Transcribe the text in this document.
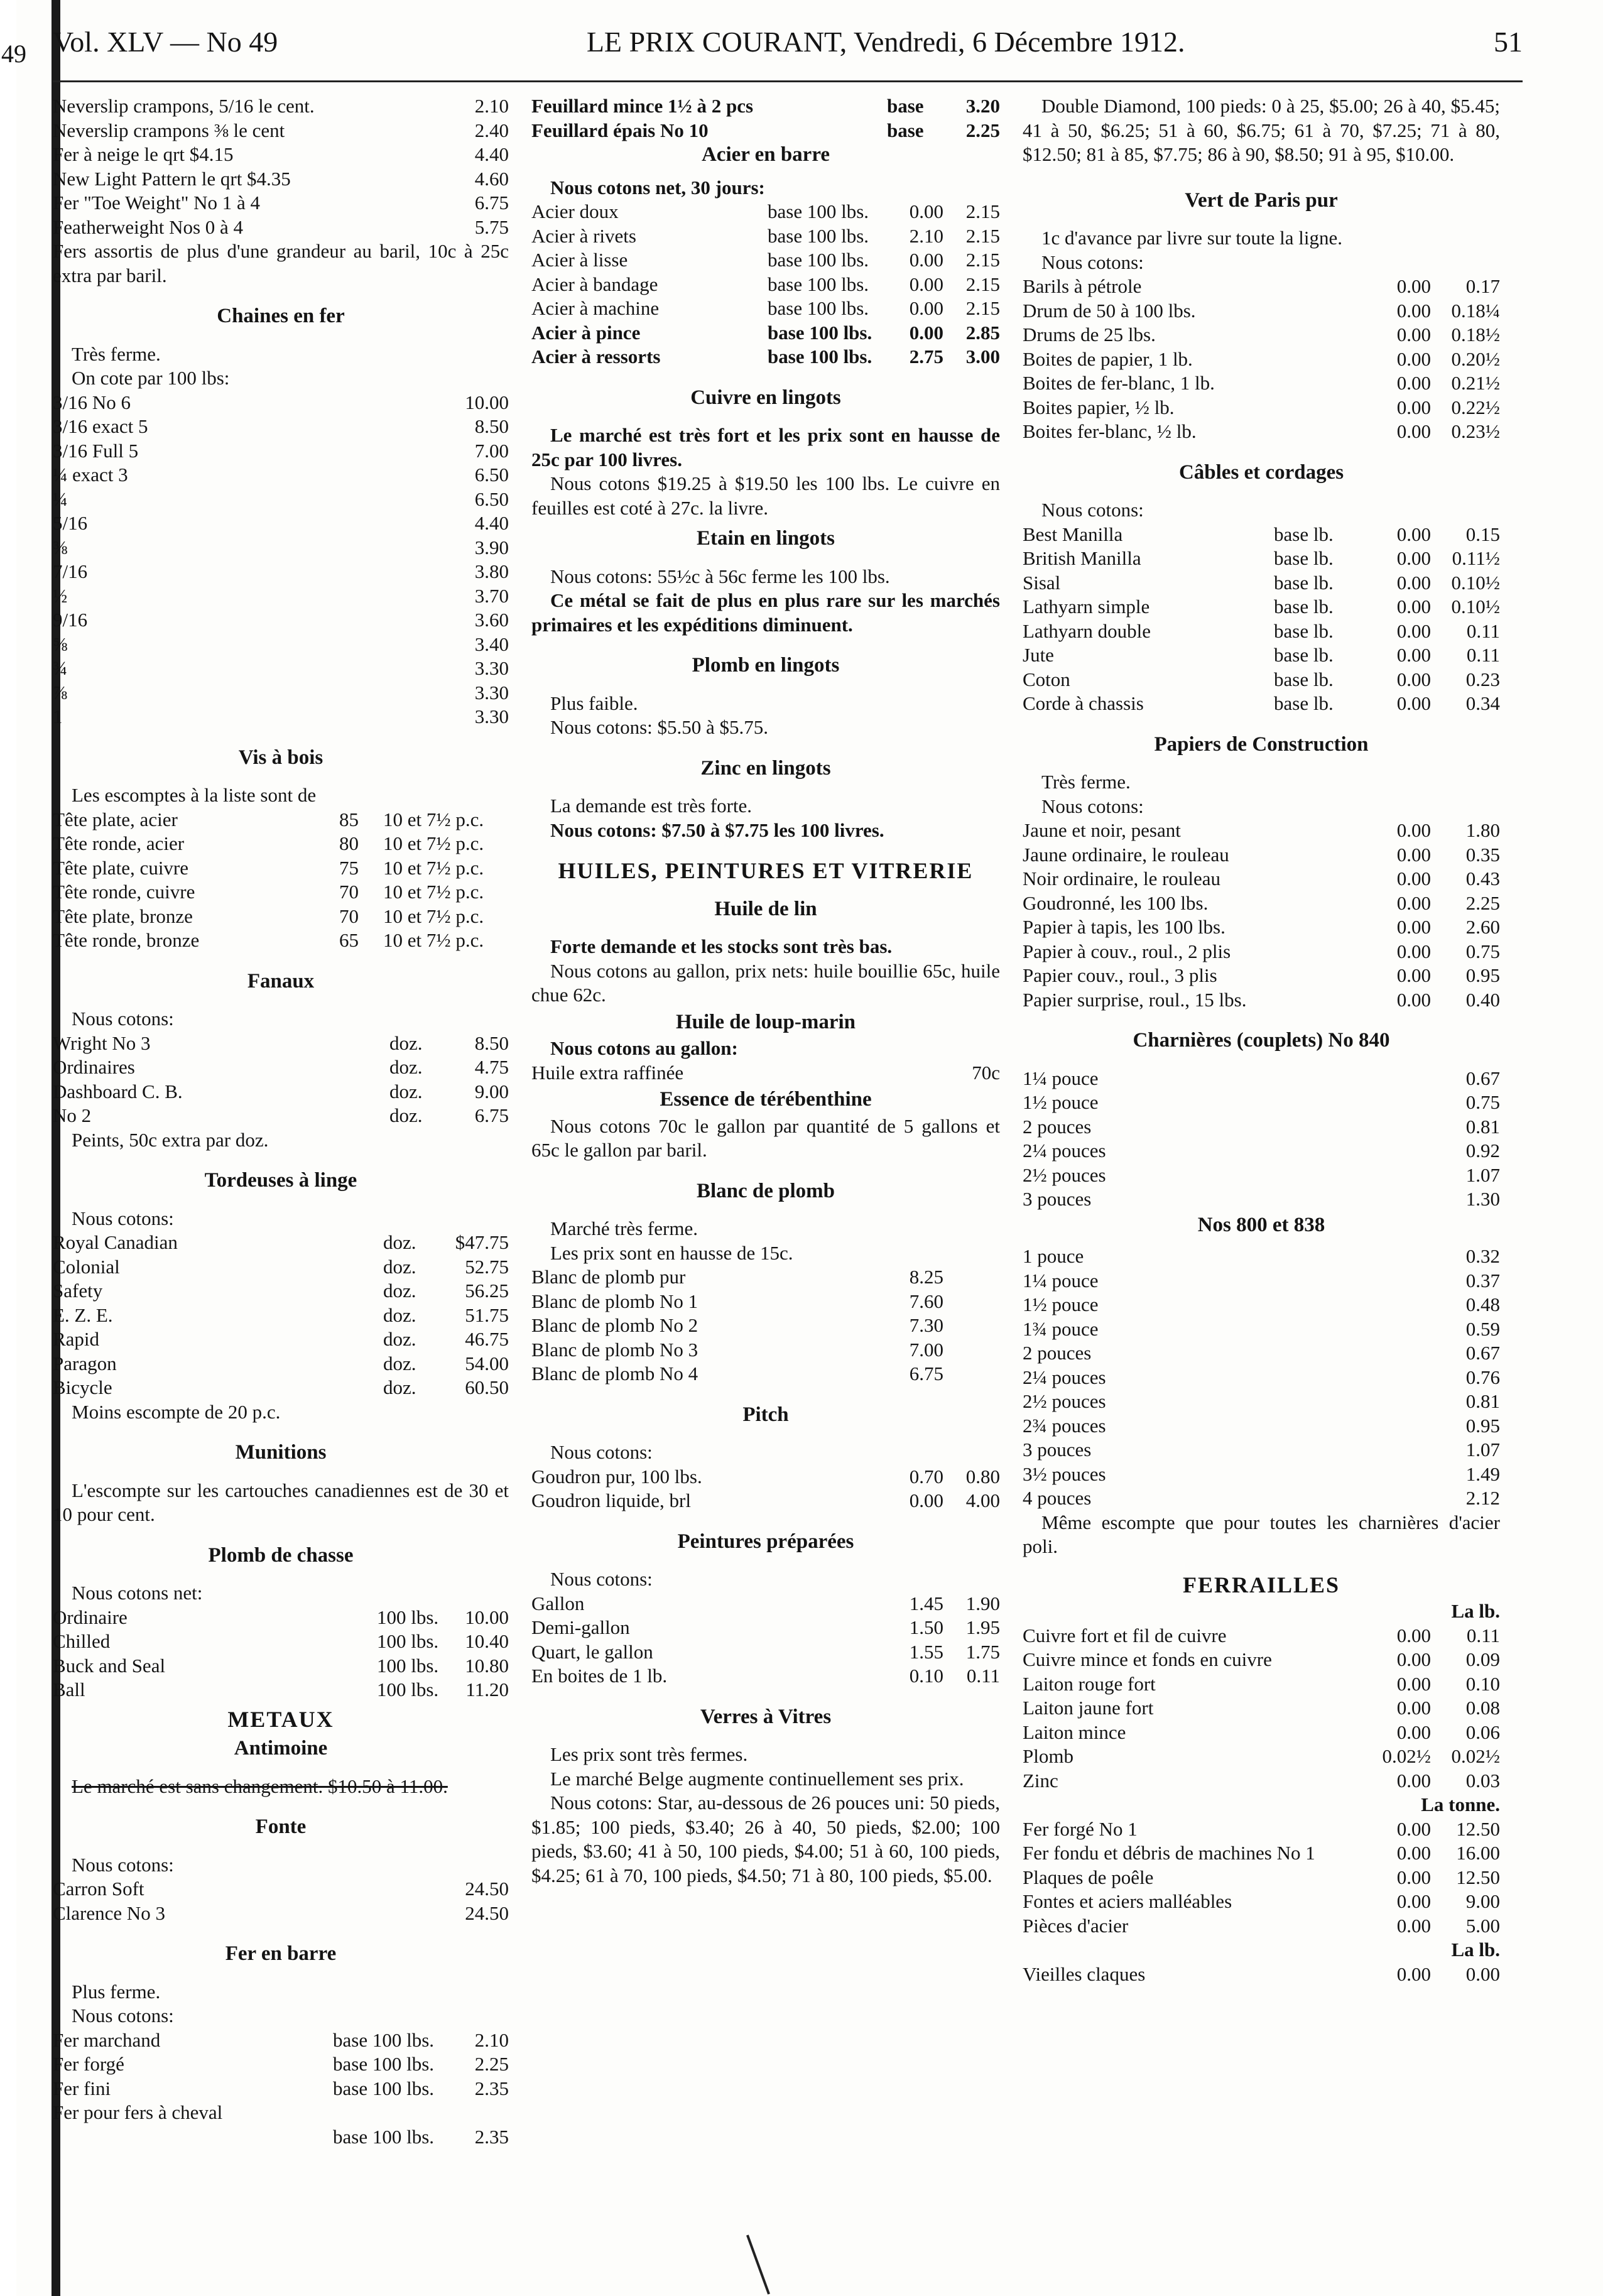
49 Vol. XLV — No 49	LE PRIX COURANT, Vendredi, 6 Décembre 1912.	51
Neverslip crampons, 5/16 le cent.	2.10
Neverslip crampons ⅜ le cent	2.40
Fer à neige le qrt $4.15	4.40
New Light Pattern le qrt $4.35	4.60
Fer "Toe Weight" No 1 à 4	6.75
Featherweight Nos 0 à 4	5.75
Fers assortis de plus d'une grandeur au baril, 10c à 25c extra par baril.
Chaines en fer
Très ferme.
On cote par 100 lbs:
3/16 No 6	10.00
3/16 exact 5	8.50
3/16 Full 5	7.00
¼ exact 3	6.50
¼	6.50
5/16	4.40
⅜	3.90
7/16	3.80
½	3.70
9/16	3.60
⅝	3.40
¾	3.30
⅞	3.30
1	3.30
Vis à bois
Les escomptes à la liste sont de
Tête plate, acier	85	10 et 7½ p.c.
Tête ronde, acier	80	10 et 7½ p.c.
Tête plate, cuivre	75	10 et 7½ p.c.
Tête ronde, cuivre	70	10 et 7½ p.c.
Tête plate, bronze	70	10 et 7½ p.c.
Tête ronde, bronze	65	10 et 7½ p.c.
Fanaux
Nous cotons:
Wright No 3	doz.	8.50
Ordinaires	doz.	4.75
Dashboard C. B.	doz.	9.00
No 2	doz.	6.75
Peints, 50c extra par doz.
Tordeuses à linge
Nous cotons:
Royal Canadian	doz.	$47.75
Colonial	doz.	52.75
Safety	doz.	56.25
E. Z. E.	doz.	51.75
Rapid	doz.	46.75
Paragon	doz.	54.00
Bicycle	doz.	60.50
Moins escompte de 20 p.c.
Munitions
L'escompte sur les cartouches canadiennes est de 30 et 10 pour cent.
Plomb de chasse
Nous cotons net:
Ordinaire	100 lbs.	10.00
Chilled	100 lbs.	10.40
Buck and Seal	100 lbs.	10.80
Ball	100 lbs.	11.20
METAUX
Antimoine
Le marché est sans changement. $10.50 à 11.00.
Fonte
Nous cotons:
Carron Soft	24.50
Clarence No 3	24.50
Fer en barre
Plus ferme.
Nous cotons:
Fer marchand	base 100 lbs.	2.10
Fer forgé	base 100 lbs.	2.25
Fer fini	base 100 lbs.	2.35
Fer pour fers à cheval
base 100 lbs.	2.35
Feuillard mince 1½ à 2 pcs	base	3.20
Feuillard épais No 10	base	2.25
Acier en barre
Nous cotons net, 30 jours:
Acier doux	base 100 lbs.	0.00	2.15
Acier à rivets	base 100 lbs.	2.10	2.15
Acier à lisse	base 100 lbs.	0.00	2.15
Acier à bandage	base 100 lbs.	0.00	2.15
Acier à machine	base 100 lbs.	0.00	2.15
Acier à pince	base 100 lbs.	0.00	2.85
Acier à ressorts	base 100 lbs.	2.75	3.00
Cuivre en lingots
Le marché est très fort et les prix sont en hausse de 25c par 100 livres.
Nous cotons $19.25 à $19.50 les 100 lbs. Le cuivre en feuilles est coté à 27c. la livre.
Etain en lingots
Nous cotons: 55½c à 56c ferme les 100 lbs.
Ce métal se fait de plus en plus rare sur les marchés primaires et les expéditions diminuent.
Plomb en lingots
Plus faible.
Nous cotons: $5.50 à $5.75.
Zinc en lingots
La demande est très forte.
Nous cotons: $7.50 à $7.75 les 100 livres.
HUILES, PEINTURES ET VITRERIE
Huile de lin
Forte demande et les stocks sont très bas.
Nous cotons au gallon, prix nets: huile bouillie 65c, huile chue 62c.
Huile de loup-marin
Nous cotons au gallon:
Huile extra raffinée	70c
Essence de térébenthine
Nous cotons 70c le gallon par quantité de 5 gallons et 65c le gallon par baril.
Blanc de plomb
Marché très ferme.
Les prix sont en hausse de 15c.
Blanc de plomb pur	8.25
Blanc de plomb No 1	7.60
Blanc de plomb No 2	7.30
Blanc de plomb No 3	7.00
Blanc de plomb No 4	6.75
Pitch
Nous cotons:
Goudron pur, 100 lbs.	0.70	0.80
Goudron liquide, brl	0.00	4.00
Peintures préparées
Nous cotons:
Gallon	1.45	1.90
Demi-gallon	1.50	1.95
Quart, le gallon	1.55	1.75
En boites de 1 lb.	0.10	0.11
Verres à Vitres
Les prix sont très fermes.
Le marché Belge augmente continuellement ses prix.
Nous cotons: Star, au-dessous de 26 pouces uni: 50 pieds, $1.85; 100 pieds, $3.40; 26 à 40, 50 pieds, $2.00; 100 pieds, $3.60; 41 à 50, 100 pieds, $4.00; 51 à 60, 100 pieds, $4.25; 61 à 70, 100 pieds, $4.50; 71 à 80, 100 pieds, $5.00.
Double Diamond, 100 pieds: 0 à 25, $5.00; 26 à 40, $5.45; 41 à 50, $6.25; 51 à 60, $6.75; 61 à 70, $7.25; 71 à 80, $12.50; 81 à 85, $7.75; 86 à 90, $8.50; 91 à 95, $10.00.
Vert de Paris pur
1c d'avance par livre sur toute la ligne.
Nous cotons:
Barils à pétrole	0.00	0.17
Drum de 50 à 100 lbs.	0.00	0.18¼
Drums de 25 lbs.	0.00	0.18½
Boites de papier, 1 lb.	0.00	0.20½
Boites de fer-blanc, 1 lb.	0.00	0.21½
Boites papier, ½ lb.	0.00	0.22½
Boites fer-blanc, ½ lb.	0.00	0.23½
Câbles et cordages
Nous cotons:
Best Manilla	base lb.	0.00	0.15
British Manilla	base lb.	0.00	0.11½
Sisal	base lb.	0.00	0.10½
Lathyarn simple	base lb.	0.00	0.10½
Lathyarn double	base lb.	0.00	0.11
Jute	base lb.	0.00	0.11
Coton	base lb.	0.00	0.23
Corde à chassis	base lb.	0.00	0.34
Papiers de Construction
Très ferme.
Nous cotons:
Jaune et noir, pesant	0.00	1.80
Jaune ordinaire, le rouleau	0.00	0.35
Noir ordinaire, le rouleau	0.00	0.43
Goudronné, les 100 lbs.	0.00	2.25
Papier à tapis, les 100 lbs.	0.00	2.60
Papier à couv., roul., 2 plis	0.00	0.75
Papier couv., roul., 3 plis	0.00	0.95
Papier surprise, roul., 15 lbs.	0.00	0.40
Charnières (couplets) No 840
1¼ pouce	0.67
1½ pouce	0.75
2 pouces	0.81
2¼ pouces	0.92
2½ pouces	1.07
3 pouces	1.30
Nos 800 et 838
1 pouce	0.32
1¼ pouce	0.37
1½ pouce	0.48
1¾ pouce	0.59
2 pouces	0.67
2¼ pouces	0.76
2½ pouces	0.81
2¾ pouces	0.95
3 pouces	1.07
3½ pouces	1.49
4 pouces	2.12
Même escompte que pour toutes les charnières d'acier poli.
FERRAILLES
La lb.
Cuivre fort et fil de cuivre	0.00	0.11
Cuivre mince et fonds en cuivre	0.00	0.09
Laiton rouge fort	0.00	0.10
Laiton jaune fort	0.00	0.08
Laiton mince	0.00	0.06
Plomb	0.02½	0.02½
Zinc	0.00	0.03
La tonne.
Fer forgé No 1	0.00	12.50
Fer fondu et débris de machines No 1	0.00	16.00
Plaques de poêle	0.00	12.50
Fontes et aciers malléables	0.00	9.00
Pièces d'acier	0.00	5.00
La lb.
Vieilles claques	0.00	0.00
